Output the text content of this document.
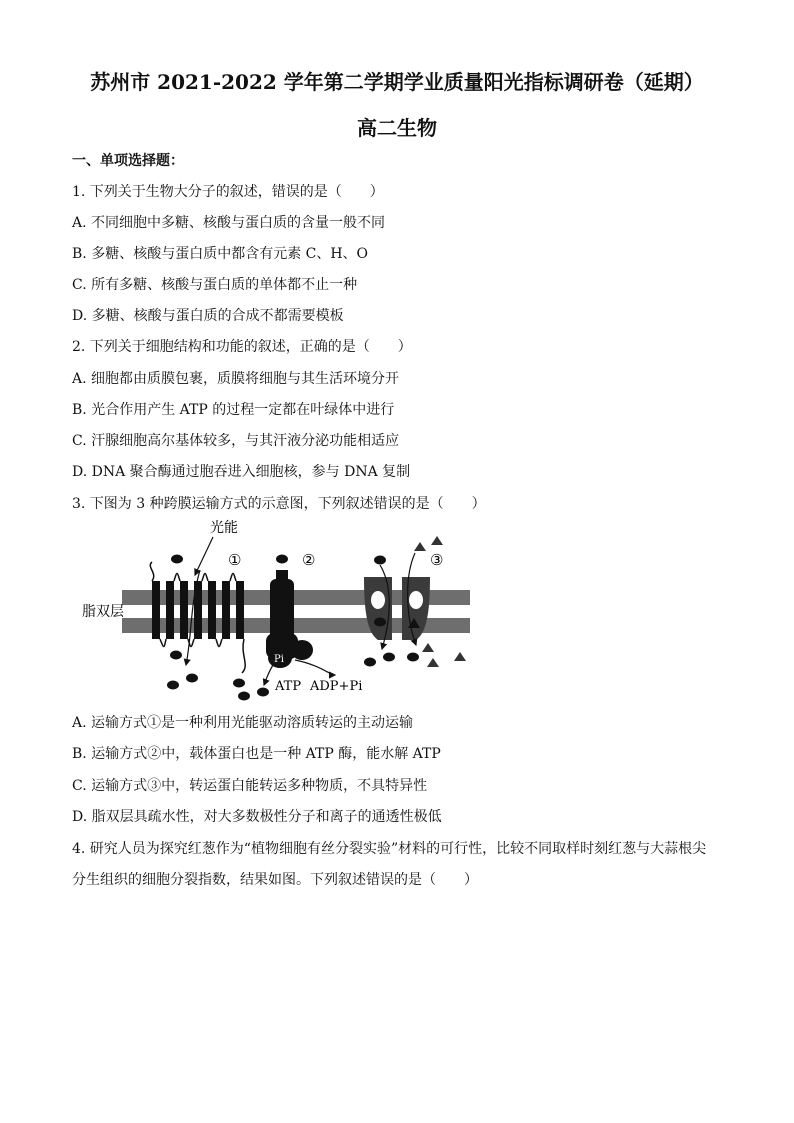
苏州市 2021-2022 学年第二学期学业质量阳光指标调研卷（延期）
高二生物
一、单项选择题：
1. 下列关于生物大分子的叙述，错误的是（　　）
A. 不同细胞中多糖、核酸与蛋白质的含量一般不同
B. 多糖、核酸与蛋白质中都含有元素 C、H、O
C. 所有多糖、核酸与蛋白质的单体都不止一种
D. 多糖、核酸与蛋白质的合成不都需要模板
2. 下列关于细胞结构和功能的叙述，正确的是（　　）
A. 细胞都由质膜包裹，质膜将细胞与其生活环境分开
B. 光合作用产生 ATP 的过程一定都在叶绿体中进行
C. 汗腺细胞高尔基体较多，与其汗液分泌功能相适应
D. DNA 聚合酶通过胞吞进入细胞核，参与 DNA 复制
3. 下图为 3 种跨膜运输方式的示意图，下列叙述错误的是（　　）
脂双层
光能
①
Pi
②
ATP ADP+Pi
③
A. 运输方式①是一种利用光能驱动溶质转运的主动运输
B. 运输方式②中，载体蛋白也是一种 ATP 酶，能水解 ATP
C. 运输方式③中，转运蛋白能转运多种物质，不具特异性
D. 脂双层具疏水性，对大多数极性分子和离子的通透性极低
4. 研究人员为探究红葱作为“植物细胞有丝分裂实验”材料的可行性，比较不同取样时刻红葱与大蒜根尖
分生组织的细胞分裂指数，结果如图。下列叙述错误的是（　　）
